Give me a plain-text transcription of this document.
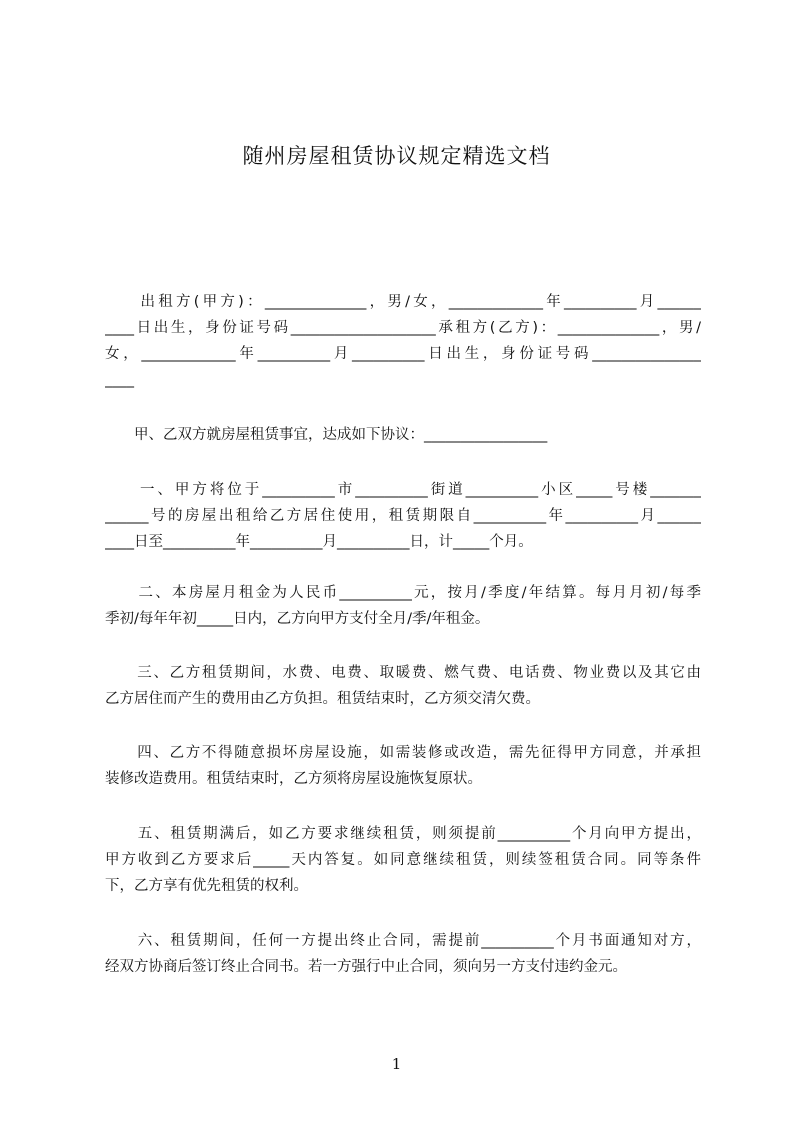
随州房屋租赁协议规定精选文档
　　出租方(甲方)：______________，男/女，_____________年__________月______
____日出生，身份证号码____________________承租方(乙方)：______________，男/
女，_____________年__________月__________日出生，身份证号码_______________
____
　　甲、乙双方就房屋租赁事宜，达成如下协议：_________________
　　一、甲方将位于__________市__________街道__________小区_____号楼_______
______号的房屋出租给乙方居住使用，租赁期限自__________年__________月______
____日至__________年__________月__________日，计_____个月。
　　二、本房屋月租金为人民币__________元，按月/季度/年结算。每月月初/每季
季初/每年年初_____日内，乙方向甲方支付全月/季/年租金。
　　三、乙方租赁期间，水费、电费、取暖费、燃气费、电话费、物业费以及其它由
乙方居住而产生的费用由乙方负担。租赁结束时，乙方须交清欠费。
　　四、乙方不得随意损坏房屋设施，如需装修或改造，需先征得甲方同意，并承担
装修改造费用。租赁结束时，乙方须将房屋设施恢复原状。
　　五、租赁期满后，如乙方要求继续租赁，则须提前__________个月向甲方提出，
甲方收到乙方要求后_____天内答复。如同意继续租赁，则续签租赁合同。同等条件
下，乙方享有优先租赁的权利。
　　六、租赁期间，任何一方提出终止合同，需提前__________个月书面通知对方，
经双方协商后签订终止合同书。若一方强行中止合同，须向另一方支付违约金元。
1
